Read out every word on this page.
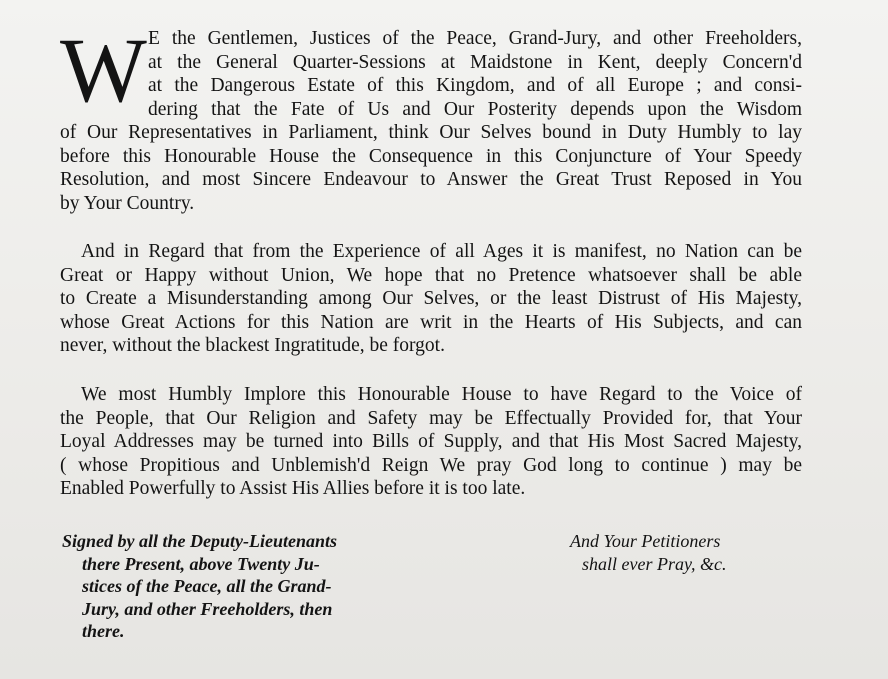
W E the Gentlemen, Justices of the Peace, Grand-Jury, and other Freeholders,
at the General Quarter-Sessions at Maidstone in Kent, deeply Concern'd
at the Dangerous Estate of this Kingdom, and of all Europe ; and consi-
dering that the Fate of Us and Our Posterity depends upon the Wisdom
of Our Representatives in Parliament, think Our Selves bound in Duty Humbly to lay
before this Honourable House the Consequence in this Conjuncture of Your Speedy
Resolution, and most Sincere Endeavour to Answer the Great Trust Reposed in You
by Your Country.
And in Regard that from the Experience of all Ages it is manifest, no Nation can be
Great or Happy without Union, We hope that no Pretence whatsoever shall be able
to Create a Misunderstanding among Our Selves, or the least Distrust of His Majesty,
whose Great Actions for this Nation are writ in the Hearts of His Subjects, and can
never, without the blackest Ingratitude, be forgot.
We most Humbly Implore this Honourable House to have Regard to the Voice of
the People, that Our Religion and Safety may be Effectually Provided for, that Your
Loyal Addresses may be turned into Bills of Supply, and that His Most Sacred Majesty,
( whose Propitious and Unblemish'd Reign We pray God long to continue ) may be
Enabled Powerfully to Assist His Allies before it is too late.
Signed by all the Deputy-Lieutenants
there Present, above Twenty Ju-
stices of the Peace, all the Grand-
Jury, and other Freeholders, then
there.
And Your Petitioners
shall ever Pray, &c.
